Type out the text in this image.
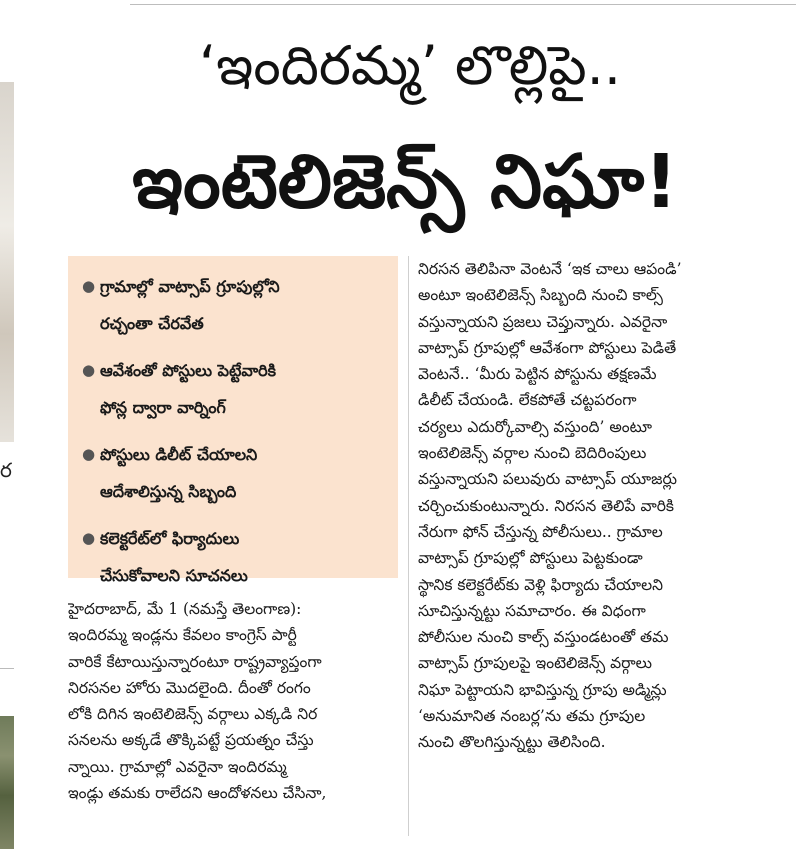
ర
‘ఇందిరమ్మ’ లొల్లిపై..
ఇంటెలిజెన్స్ నిఘా!
● గ్రామాల్లో వాట్సాప్ గ్రూపుల్లోని
రచ్చంతా చేరవేత
● ఆవేశంతో పోస్టులు పెట్టేవారికి
ఫోన్ల ద్వారా వార్నింగ్
● పోస్టులు డిలీట్ చేయాలని
ఆదేశాలిస్తున్న సిబ్బంది
● కలెక్టరేట్‌లో ఫిర్యాదులు
చేసుకోవాలని సూచనలు
హైదరాబాద్, మే 1 (నమస్తే తెలంగాణ):
ఇందిరమ్మ ఇండ్లను కేవలం కాంగ్రెస్ పార్టీ
వారికే కేటాయిస్తున్నారంటూ రాష్ట్రవ్యాప్తంగా
నిరసనల హోరు మొదలైంది. దీంతో రంగం
లోకి దిగిన ఇంటెలిజెన్స్ వర్గాలు ఎక్కడి నిర
సనలను అక్కడే తొక్కిపట్టే ప్రయత్నం చేస్తు
న్నాయి. గ్రామాల్లో ఎవరైనా ఇందిరమ్మ
ఇండ్లు తమకు రాలేదని ఆందోళనలు చేసినా,
నిరసన తెలిపినా వెంటనే ‘ఇక చాలు ఆపండి’
అంటూ ఇంటెలిజెన్స్ సిబ్బంది నుంచి కాల్స్
వస్తున్నాయని ప్రజలు చెప్తున్నారు. ఎవరైనా
వాట్సాప్ గ్రూపుల్లో ఆవేశంగా పోస్టులు పెడితే
వెంటనే.. ‘మీరు పెట్టిన పోస్టును తక్షణమే
డిలీట్ చేయండి. లేకపోతే చట్టపరంగా
చర్యలు ఎదుర్కోవాల్సి వస్తుంది’ అంటూ
ఇంటెలిజెన్స్ వర్గాల నుంచి బెదిరింపులు
వస్తున్నాయని పలువురు వాట్సాప్ యూజర్లు
చర్చించుకుంటున్నారు. నిరసన తెలిపే వారికి
నేరుగా ఫోన్ చేస్తున్న పోలీసులు.. గ్రామాల
వాట్సాప్ గ్రూపుల్లో పోస్టులు పెట్టకుండా
స్థానిక కలెక్టరేట్‌కు వెళ్లి ఫిర్యాదు చేయాలని
సూచిస్తున్నట్టు సమాచారం. ఈ విధంగా
పోలీసుల నుంచి కాల్స్ వస్తుండటంతో తమ
వాట్సాప్ గ్రూపులపై ఇంటెలిజెన్స్ వర్గాలు
నిఘా పెట్టాయని భావిస్తున్న గ్రూపు అడ్మిన్లు
‘అనుమానిత నంబర్ల’ను తమ గ్రూపుల
నుంచి తొలగిస్తున్నట్టు తెలిసింది.
